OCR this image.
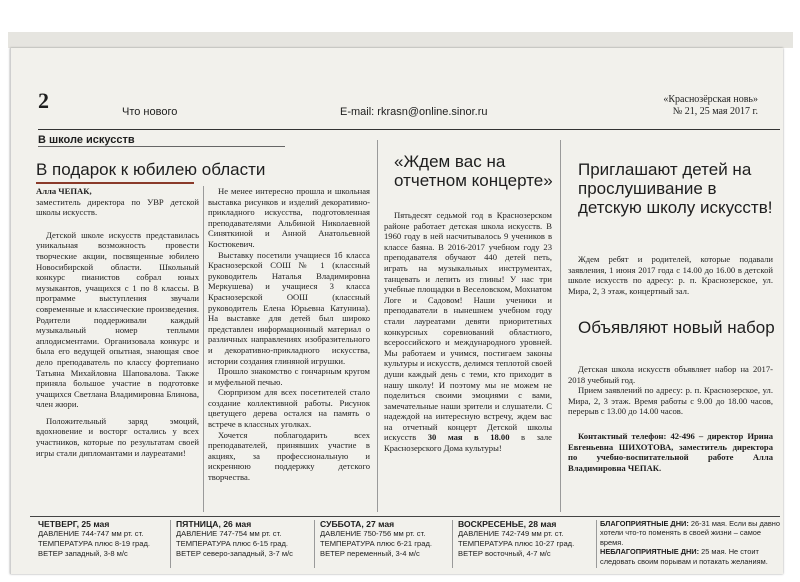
2	Что нового	E-mail: rkrasn@online.sinor.ru
«Краснозёрская новь»
№ 21, 25 мая 2017 г.
В школе искусств
В подарок к юбилею области

Алла ЧЕПАК,

заместитель директора по УВР детской школы искусств.

Детской школе искусств представилась уникальная возможность провести творческие акции, посвященные юбилею Новосибирской области. Школьный конкурс пианистов собрал юных музыкантов, учащихся с 1 по 8 классы. В программе выступления звучали современные и классические произведения. Родители поддерживали каждый музыкальный номер теплыми аплодисментами. Организовала конкурс и была его ведущей опытная, знающая свое дело преподаватель по классу фортепиано Татьяна Михайловна Шаповалова. Также приняла большое участие в подготовке учащихся Светлана Владимировна Блинова, член жюри.

Положительный заряд эмоций, вдохновение и восторг остались у всех участников, которые по результатам своей игры стали дипломантами и лауреатами!

Не менее интересно прошла и школьная выставка рисунков и изделий декоративно-прикладного искусства, подготовленная преподавателями Альбиной Николаевной Синяткиной и Анной Анатольевной Костюкевич.

Выставку посетили учащиеся 1б класса Краснозерской СОШ № 1 (классный руководитель Наталья Владимировна Меркушева) и учащиеся 3 класса Краснозерской ООШ (классный руководитель Елена Юрьевна Катунина). На выставке для детей был широко представлен информационный материал о различных направлениях изобразительного и декоративно-прикладного искусства, истории создания глиняной игрушки.

Прошло знакомство с гончарным кругом и муфельной печью.

Сюрпризом для всех посетителей стало создание коллективной работы. Рисунок цветущего дерева остался на память о встрече в классных уголках.

Хочется поблагодарить всех преподавателей, принявших участие в акциях, за профессиональную и искреннюю поддержку детского творчества.

«Ждем вас на отчетном концерте»

Пятьдесят седьмой год в Краснозерском районе работает детская школа искусств. В 1960 году в ней насчитывалось 9 учеников в классе баяна. В 2016-2017 учебном году 23 преподавателя обучают 440 детей петь, играть на музыкальных инструментах, танцевать и лепить из глины! У нас три учебные площадки в Веселовском, Мохнатом Логе и Садовом! Наши ученики и преподаватели в нынешнем учебном году стали лауреатами девяти приоритетных конкурсных соревнований областного, всероссийского и международного уровней. Мы работаем и учимся, постигаем законы культуры и искусств, делимся теплотой своей души каждый день с теми, кто приходит в нашу школу! И поэтому мы не можем не поделиться своими эмоциями с вами, замечательные наши зрители и слушатели. С надеждой на интересную встречу, ждем вас на отчетный концерт Детской школы искусств 30 мая в 18.00 в зале Краснозерского Дома культуры!

Приглашают детей на прослушивание в детскую школу искусств!

Ждем ребят и родителей, которые подавали заявления, 1 июня 2017 года с 14.00 до 16.00 в детской школе искусств по адресу: р. п. Краснозерское, ул. Мира, 2, 3 этаж, концертный зал.

Объявляют новый набор

Детская школа искусств объявляет набор на 2017-2018 учебный год.

Прием заявлений по адресу: р. п. Краснозерское, ул. Мира, 2, 3 этаж. Время работы с 9.00 до 18.00 часов, перерыв с 13.00 до 14.00 часов.

Контактный телефон: 42-496 – директор Ирина Евгеньевна ШИХОТОВА, заместитель директора по учебно-воспитательной работе Алла Владимировна ЧЕПАК.

ЧЕТВЕРГ, 25 мая
ДАВЛЕНИЕ 744-747 мм рт. ст.
ТЕМПЕРАТУРА плюс 8-19 град.
ВЕТЕР западный, 3-8 м/с
ПЯТНИЦА, 26 мая
ДАВЛЕНИЕ 747-754 мм рт. ст.
ТЕМПЕРАТУРА плюс 6-15 град.
ВЕТЕР северо-западный, 3-7 м/с
СУББОТА, 27 мая
ДАВЛЕНИЕ 750-756 мм рт. ст.
ТЕМПЕРАТУРА плюс 6-21 град.
ВЕТЕР переменный, 3-4 м/с
ВОСКРЕСЕНЬЕ, 28 мая
ДАВЛЕНИЕ 742-749 мм рт. ст.
ТЕМПЕРАТУРА плюс 10-27 град.
ВЕТЕР восточный, 4-7 м/с
БЛАГОПРИЯТНЫЕ ДНИ: 26-31 мая. Если вы давно хотели что-то поменять в своей жизни – самое время.
НЕБЛАГОПРИЯТНЫЕ ДНИ: 25 мая. Не стоит следовать своим порывам и потакать желаниям.
